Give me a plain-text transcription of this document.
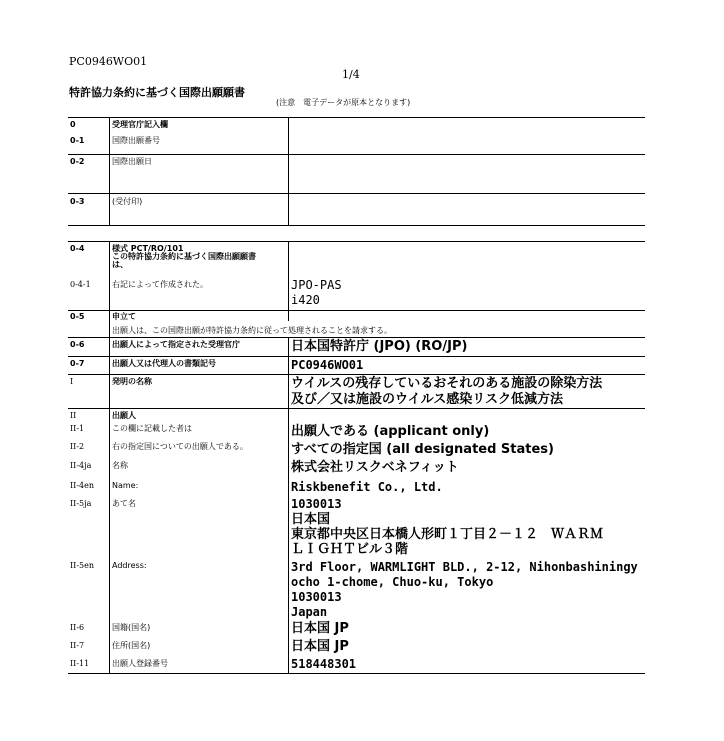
PC0946WO01
1/4
特許協力条約に基づく国際出願願書
(注意　電子データが原本となります)
0	受理官庁記入欄
0-1	国際出願番号
0-2	国際出願日
0-3	(受付印)
0-4	様式 PCT/RO/101
この特許協力条約に基づく国際出願願書
は、
0-4-1	右記によって作成された。	JPO-PAS
i420
0-5	申立て
出願人は、この国際出願が特許協力条約に従って処理されることを請求する。
0-6	出願人によって指定された受理官庁	日本国特許庁 (JPO) (RO/JP)
0-7	出願人又は代理人の書類記号	PC0946WO01
I	発明の名称	ウイルスの残存しているおそれのある施設の除染方法
及び／又は施設のウイルス感染リスク低減方法
II	出願人
II-1	この欄に記載した者は	出願人である (applicant only)
II-2	右の指定国についての出願人である。	すべての指定国 (all designated States)
II-4ja	名称	株式会社リスクベネフィット
II-4en Name:	Riskbenefit Co., Ltd.
II-5ja	あて名	1030013
日本国
東京都中央区日本橋人形町１丁目２－１２　ＷＡＲＭ
ＬＩＧＨＴビル３階
II-5en Address:	3rd Floor, WARMLIGHT BLD., 2-12, Nihonbashiningy
ocho 1-chome, Chuo-ku, Tokyo
1030013
Japan
II-6	国籍(国名)	日本国 JP
II-7	住所(国名)	日本国 JP
II-11	出願人登録番号	518448301
